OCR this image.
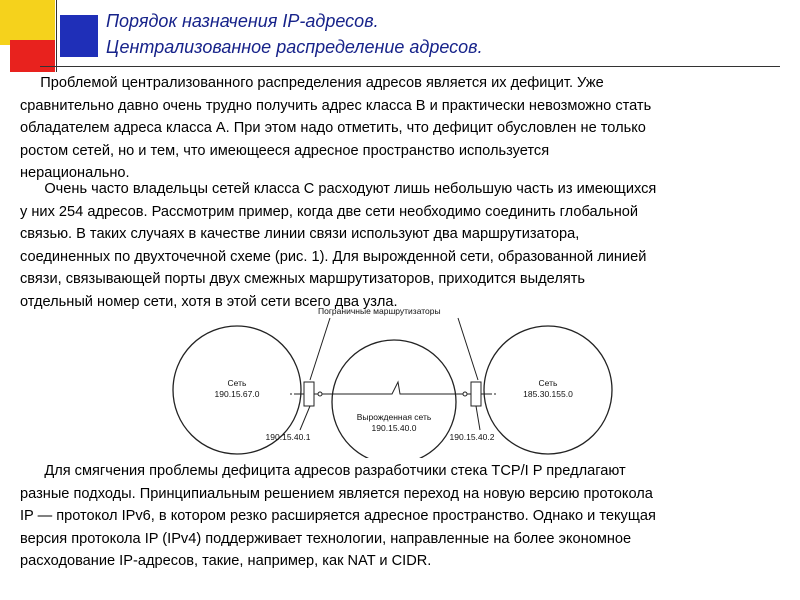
Порядок назначения IP-адресов.
Централизованное распределение адресов.
Проблемой централизованного распределения адресов является их дефицит. Уже
сравнительно давно очень трудно получить адрес класса В и практически невозможно стать
обладателем адреса класса А. При этом надо отметить, что дефицит обусловлен не только
ростом сетей, но и тем, что имеющееся адресное пространство используется
нерационально.
Очень часто владельцы сетей класса С расходуют лишь небольшую часть из имеющихся
у них 254 адресов. Рассмотрим пример, когда две сети необходимо соединить глобальной
связью. В таких случаях в качестве линии связи используют два маршрутизатора,
соединенных по двухточечной схеме (рис. 1). Для вырожденной сети, образованной линией
связи, связывающей порты двух смежных маршрутизаторов, приходится выделять
отдельный номер сети, хотя в этой сети всего два узла.
Пограничные маршрутизаторы
Сеть
190.15.67.0
Вырожденная сеть
190.15.40.0
Сеть
185.30.155.0
190.15.40.1	190.15.40.2
Для смягчения проблемы дефицита адресов разработчики стека TCP/I P предлагают
разные подходы. Принципиальным решением является переход на новую версию протокола
IP — протокол IPv6, в котором резко расширяется адресное пространство. Однако и текущая
версия протокола IP (IPv4) поддерживает технологии, направленные на более экономное
расходование IP-адресов, такие, например, как NAT и CIDR.
